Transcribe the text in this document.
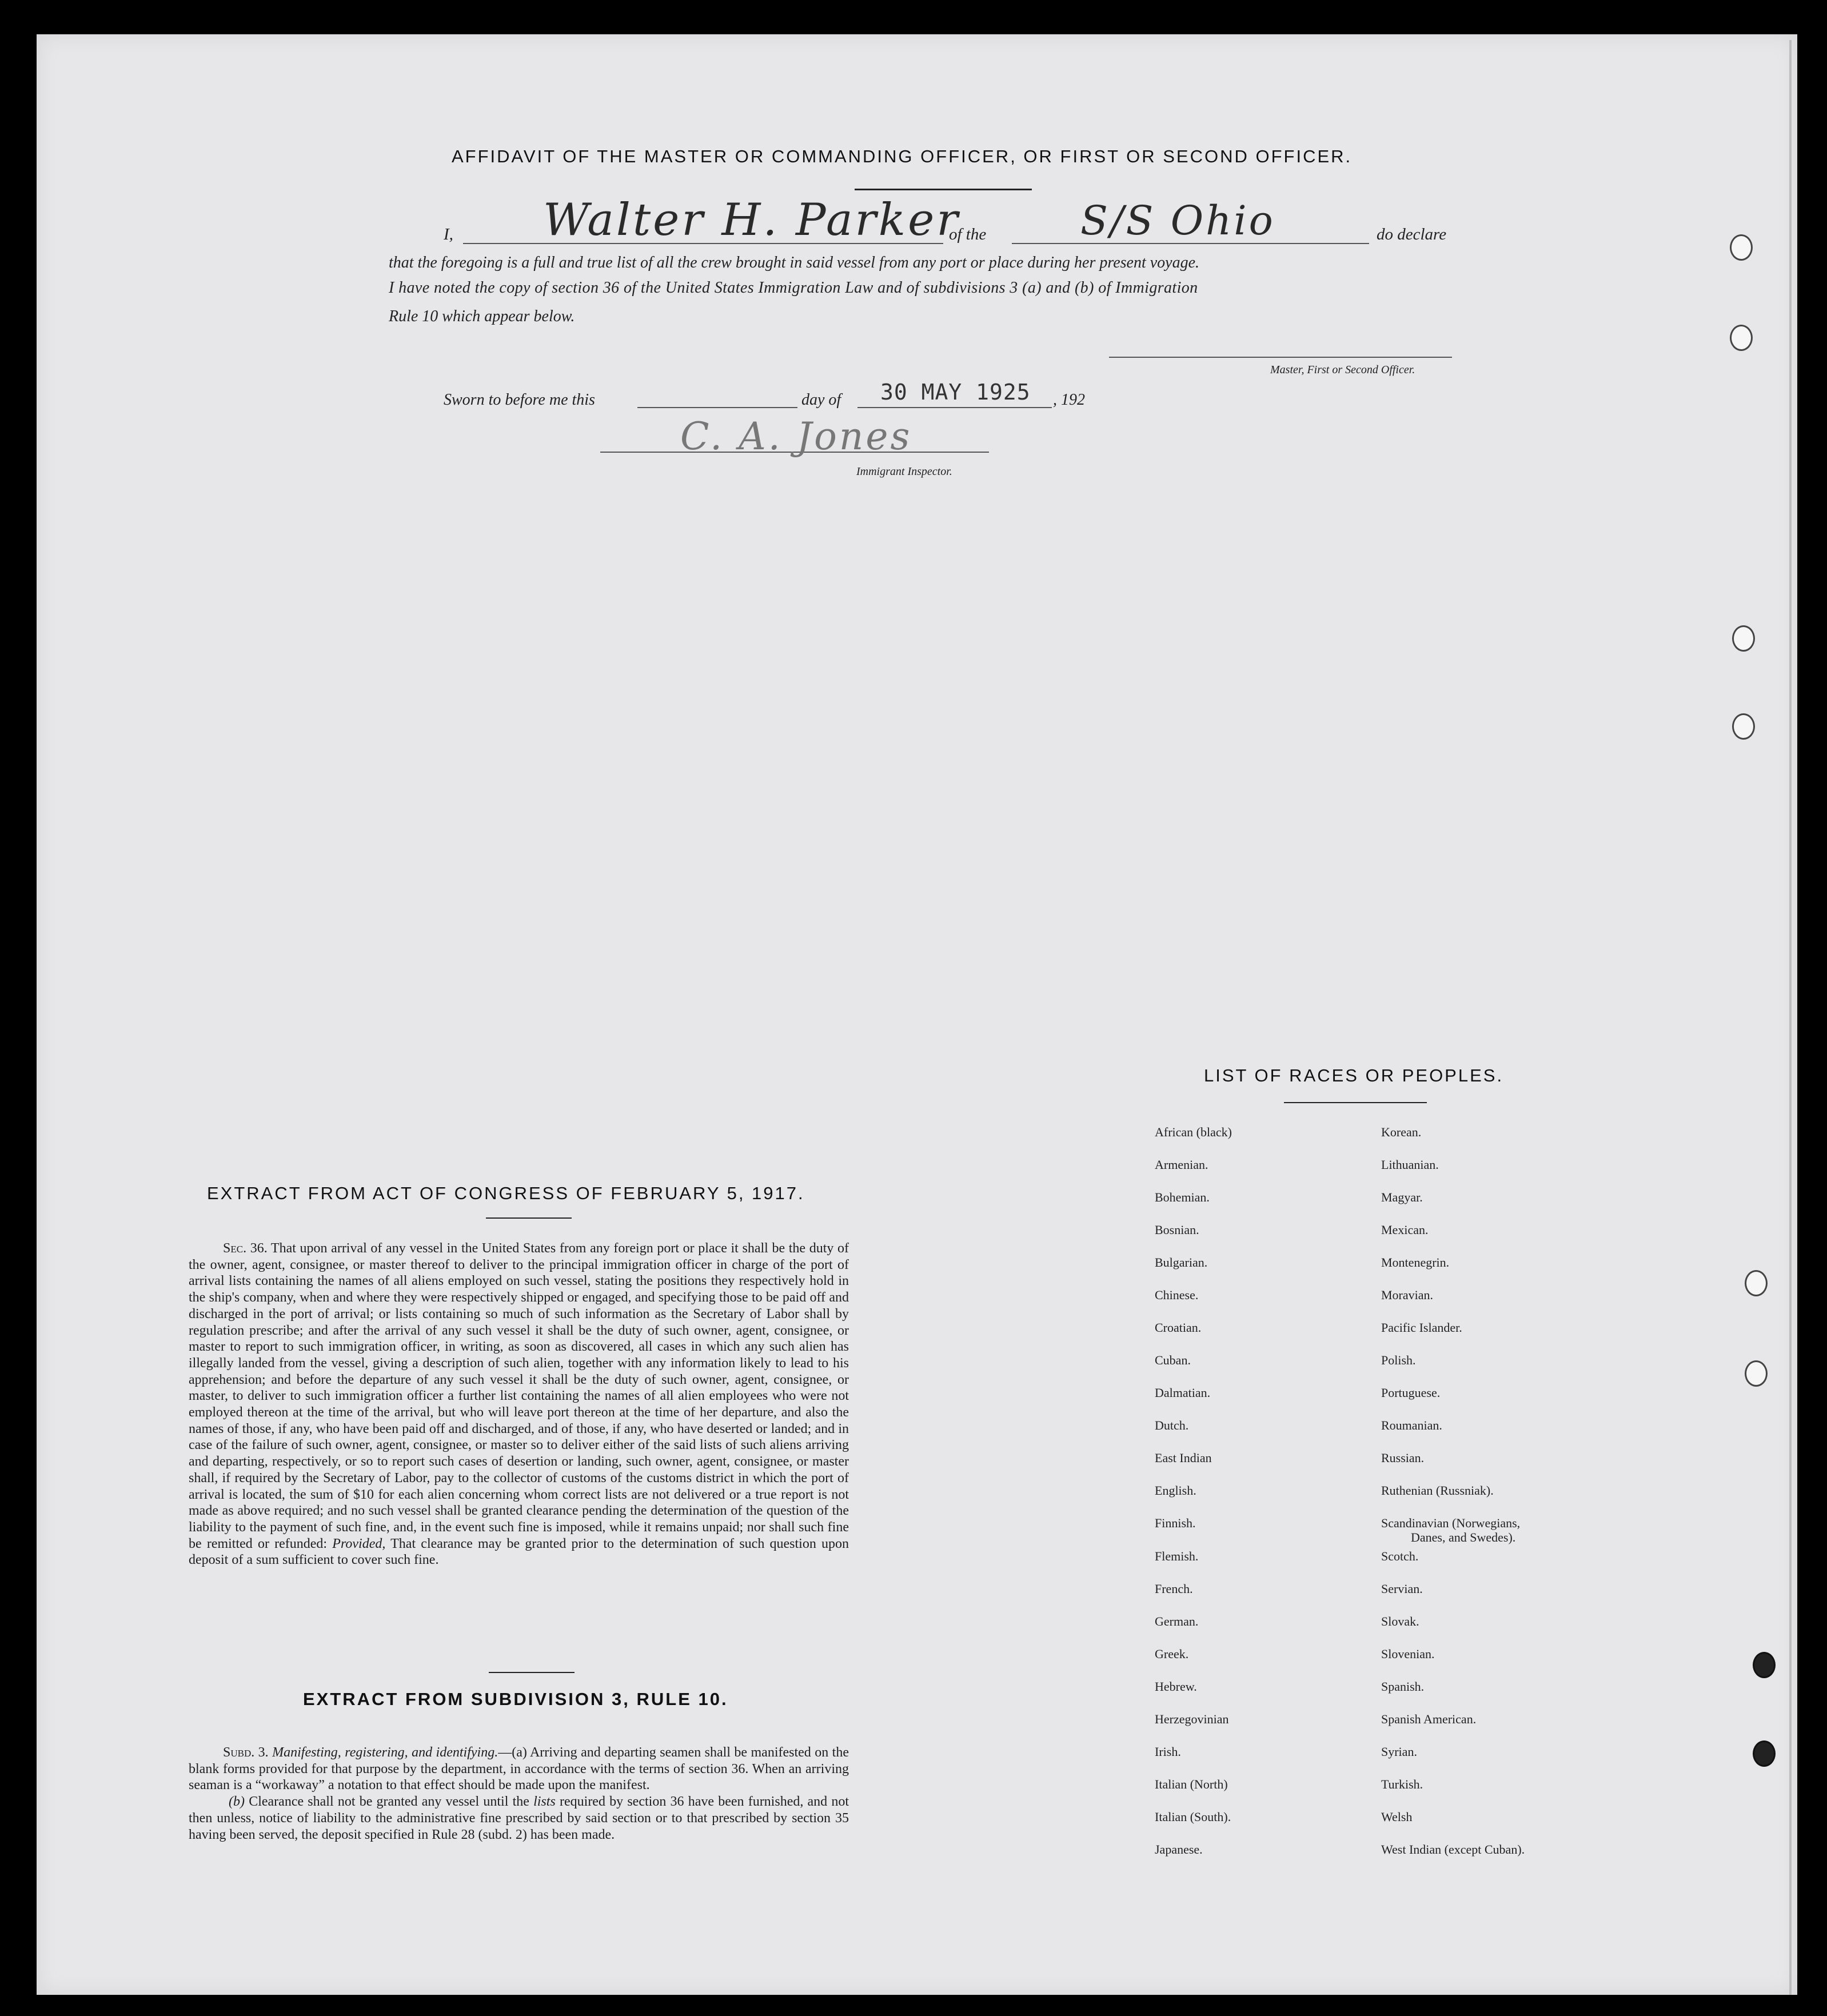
AFFIDAVIT OF THE MASTER OR COMMANDING OFFICER, OR FIRST OR SECOND OFFICER.
I, Walter H. Parker
of the S/S Ohio	do declare
that the foregoing is a full and true list of all the crew brought in said vessel from any port or place during her present voyage.
I have noted the copy of section 36 of the United States Immigration Law and of subdivisions 3 (a) and (b) of Immigration
Rule 10 which appear below.
Master, First or Second Officer.
Sworn to before me this	day of 30 MAY 1925 , 192
C. A. Jones
Immigrant Inspector.
EXTRACT FROM ACT OF CONGRESS OF FEBRUARY 5, 1917.
Sec. 36. That upon arrival of any vessel in the United States from any foreign port or place it shall be the duty of the owner, agent, consignee, or master thereof to deliver to the principal immigration officer in charge of the port of arrival lists containing the names of all aliens employed on such vessel, stating the positions they respectively hold in the ship's company, when and where they were respectively shipped or engaged, and specifying those to be paid off and discharged in the port of arrival; or lists containing so much of such information as the Secretary of Labor shall by regulation prescribe; and after the arrival of any such vessel it shall be the duty of such owner, agent, consignee, or master to report to such immigration officer, in writing, as soon as discovered, all cases in which any such alien has illegally landed from the vessel, giving a description of such alien, together with any information likely to lead to his apprehension; and before the departure of any such vessel it shall be the duty of such owner, agent, consignee, or master, to deliver to such immigration officer a further list containing the names of all alien employees who were not employed thereon at the time of the arrival, but who will leave port thereon at the time of her departure, and also the names of those, if any, who have been paid off and discharged, and of those, if any, who have deserted or landed; and in case of the failure of such owner, agent, consignee, or master so to deliver either of the said lists of such aliens arriving and departing, respectively, or so to report such cases of desertion or landing, such owner, agent, consignee, or master shall, if required by the Secretary of Labor, pay to the collector of customs of the customs district in which the port of arrival is located, the sum of $10 for each alien concerning whom correct lists are not delivered or a true report is not made as above required; and no such vessel shall be granted clearance pending the determination of the question of the liability to the payment of such fine, and, in the event such fine is imposed, while it remains unpaid; nor shall such fine be remitted or refunded: Provided, That clearance may be granted prior to the determination of such question upon deposit of a sum sufficient to cover such fine.
EXTRACT FROM SUBDIVISION 3, RULE 10.
Subd. 3. Manifesting, registering, and identifying.—(a) Arriving and departing seamen shall be manifested on the blank forms provided for that purpose by the department, in accordance with the terms of section 36. When an arriving seaman is a “workaway” a notation to that effect should be made upon the manifest.
(b) Clearance shall not be granted any vessel until the lists required by section 36 have been furnished, and not then unless, notice of liability to the administrative fine prescribed by said section or to that prescribed by section 35 having been served, the deposit specified in Rule 28 (subd. 2) has been made.
LIST OF RACES OR PEOPLES.
African (black)
Armenian.
Bohemian.
Bosnian.
Bulgarian.
Chinese.
Croatian.
Cuban.
Dalmatian.
Dutch.
East Indian
English.
Finnish.
Flemish.
French.
German.
Greek.
Hebrew.
Herzegovinian
Irish.
Italian (North)
Italian (South).
Japanese.
Korean.
Lithuanian.
Magyar.
Mexican.
Montenegrin.
Moravian.
Pacific Islander.
Polish.
Portuguese.
Roumanian.
Russian.
Ruthenian (Russniak).
Scandinavian (Norwegians,
Danes, and Swedes).
Scotch.
Servian.
Slovak.
Slovenian.
Spanish.
Spanish American.
Syrian.
Turkish.
Welsh
West Indian (except Cuban).
